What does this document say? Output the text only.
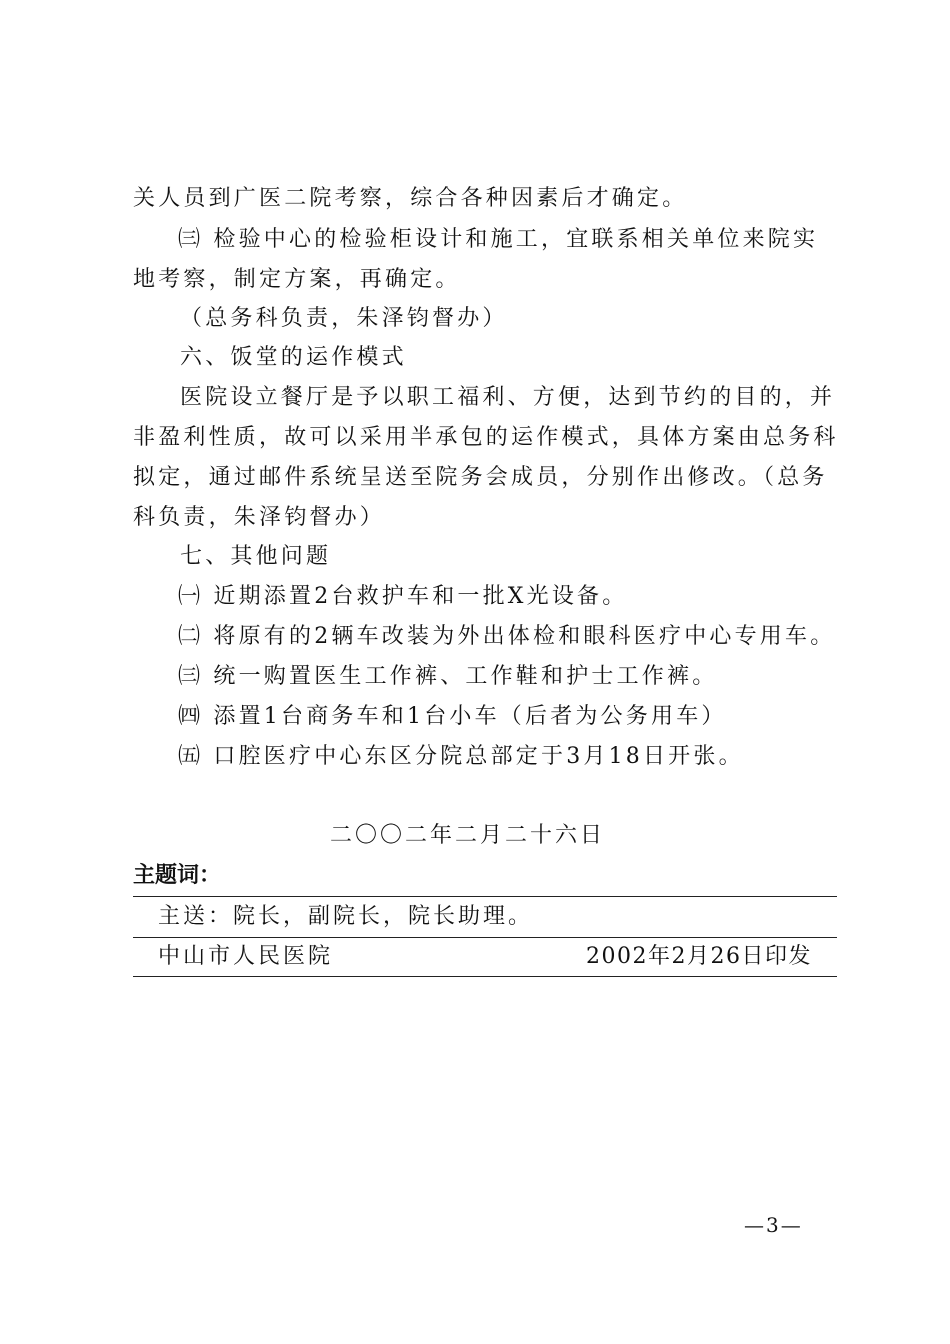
关人员到广医二院考察，综合各种因素后才确定。
㈢ 检验中心的检验柜设计和施工，宜联系相关单位来院实
地考察，制定方案，再确定。
（总务科负责，朱泽钧督办）
六、饭堂的运作模式
医院设立餐厅是予以职工福利、方便，达到节约的目的，并
非盈利性质，故可以采用半承包的运作模式，具体方案由总务科
拟定，通过邮件系统呈送至院务会成员，分别作出修改。（总务
科负责，朱泽钧督办）
七、其他问题
㈠ 近期添置2台救护车和一批X光设备。
㈡ 将原有的2辆车改装为外出体检和眼科医疗中心专用车。
㈢ 统一购置医生工作裤、工作鞋和护士工作裤。
㈣ 添置1台商务车和1台小车（后者为公务用车）
㈤ 口腔医疗中心东区分院总部定于3月18日开张。
二〇〇二年二月二十六日
主题词：
主送：院长，副院长，院长助理。
中山市人民医院	2002年2月26日印发
—3—
